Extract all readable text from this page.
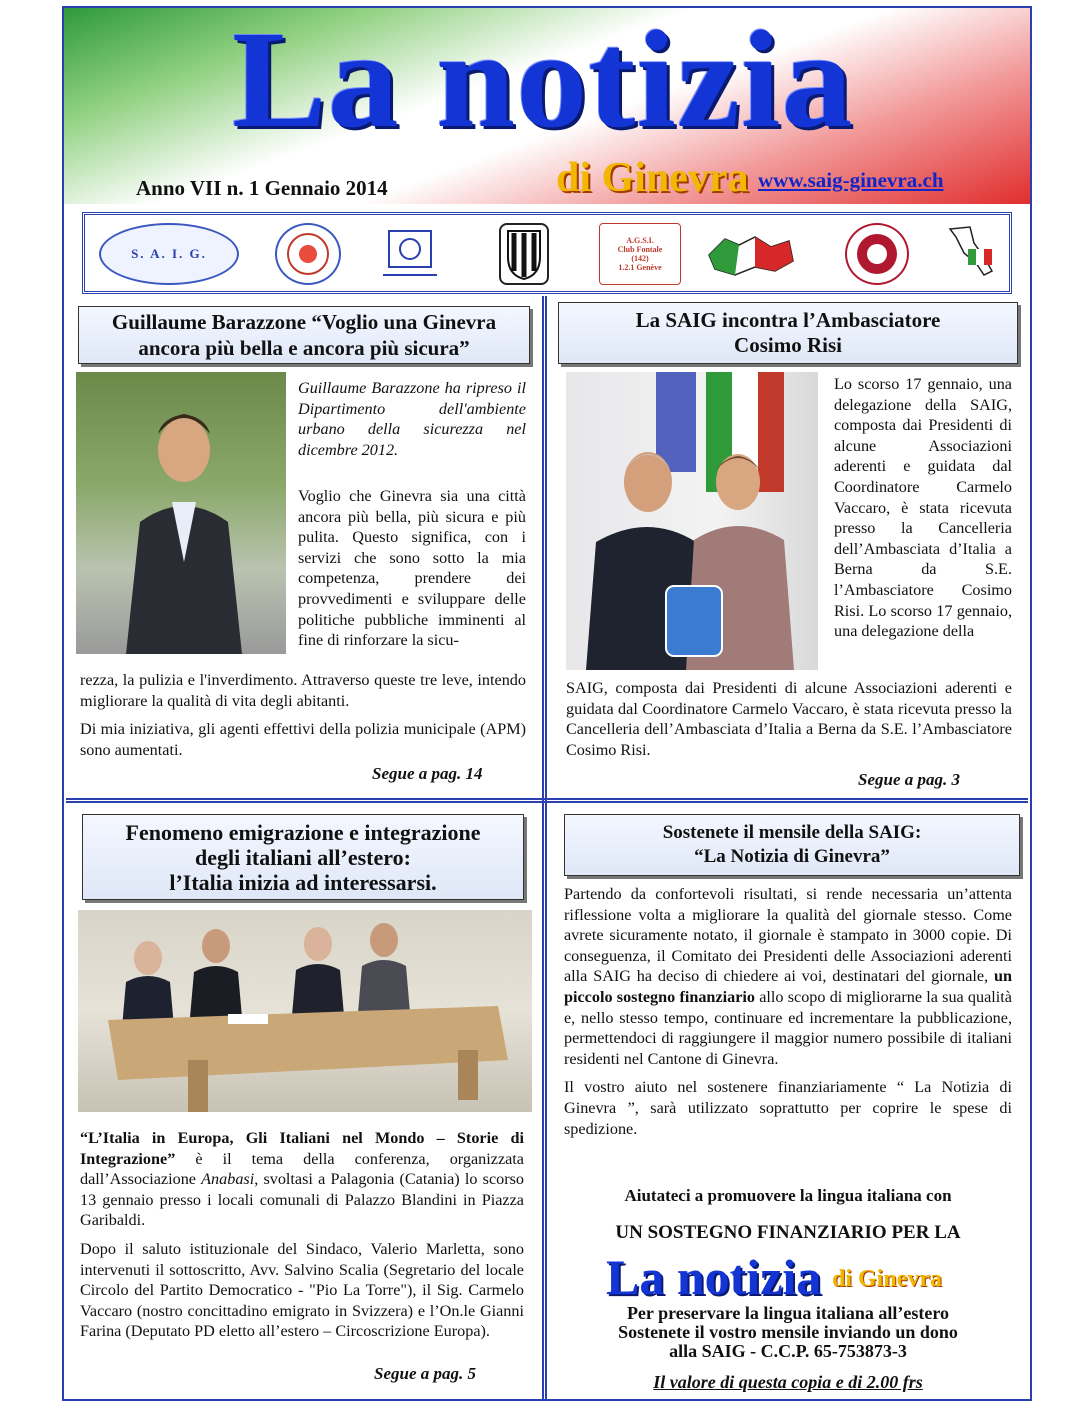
La notizia
di Ginevra
Anno VII n. 1 Gennaio 2014	www.saig-ginevra.ch
S. A. I. G.
A.G.S.I.
Club Fontale
(142)
1.2.1 Genève
Guillaume Barazzone “Voglio una Ginevra ancora più bella e ancora più sicura”
Guillaume Barazzone ha ripreso il Dipartimento dell'ambiente urbano della sicurezza nel dicembre 2012.

Voglio che Ginevra sia una città ancora più bella, più sicura e più pulita. Questo significa, con i servizi che sono sotto la mia competenza, prendere dei provvedimenti e sviluppare delle politiche pubbliche imminenti al fine di rinforzare la sicu-

rezza, la pulizia e l'inverdimento. Attraverso queste tre leve, intendo migliorare la qualità di vita degli abitanti.

Di mia iniziativa, gli agenti effettivi della polizia municipale (APM) sono aumentati.

Segue a pag. 14
La SAIG incontra l’Ambasciatore
Cosimo Risi
Lo scorso 17 gennaio, una delegazione della SAIG, composta dai Presidenti di alcune Associazioni aderenti e guidata dal Coordinatore Carmelo Vaccaro, è stata ricevuta presso la Cancelleria dell’Ambasciata d’Italia a Berna da S.E. l’Ambasciatore Cosimo Risi. Lo scorso 17 gennaio, una delegazione della
SAIG, composta dai Presidenti di alcune Associazioni aderenti e guidata dal Coordinatore Carmelo Vaccaro, è stata ricevuta presso la Cancelleria dell’Ambasciata d’Italia a Berna da S.E. l’Ambasciatore Cosimo Risi.
Segue a pag. 3
Fenomeno emigrazione e integrazione
degli italiani all’estero:
l’Italia inizia ad interessarsi.

“L’Italia in Europa, Gli Italiani nel Mondo – Storie di Integrazione” è il tema della conferenza, organizzata dall’Associazione Anabasi, svoltasi a Palagonia (Catania) lo scorso 13 gennaio presso i locali comunali di Palazzo Blandini in Piazza Garibaldi.

Dopo il saluto istituzionale del Sindaco, Valerio Marletta, sono intervenuti il sottoscritto, Avv. Salvino Scalia (Segretario del locale Circolo del Partito Democratico - "Pio La Torre"), il Sig. Carmelo Vaccaro (nostro concittadino emigrato in Svizzera) e l’On.le Gianni Farina (Deputato PD eletto all’estero – Circoscrizione Europa).

Segue a pag. 5
Sostenete il mensile della SAIG:
“La Notizia di Ginevra”

Partendo da confortevoli risultati, si rende necessaria un’attenta riflessione volta a migliorare la qualità del giornale stesso. Come avrete sicuramente notato, il giornale è stampato in 3000 copie. Di conseguenza, il Comitato dei Presidenti delle Associazioni aderenti alla SAIG ha deciso di chiedere ai voi, destinatari del giornale, un piccolo sostegno finanziario allo scopo di migliorarne la sua qualità e, nello stesso tempo, continuare ed incrementare la pubblicazione, permettendoci di raggiungere il maggior numero possibile di italiani residenti nel Cantone di Ginevra.

Il vostro aiuto nel sostenere finanziariamente “ La Notizia di Ginevra ”, sarà utilizzato soprattutto per coprire le spese di spedizione.

Aiutateci a promuovere la lingua italiana con
UN SOSTEGNO FINANZIARIO PER LA
La notizia di Ginevra
Per preservare la lingua italiana all’estero
Sostenete il vostro mensile inviando un dono
alla SAIG - C.C.P. 65-753873-3
Il valore di questa copia e di 2.00 frs
